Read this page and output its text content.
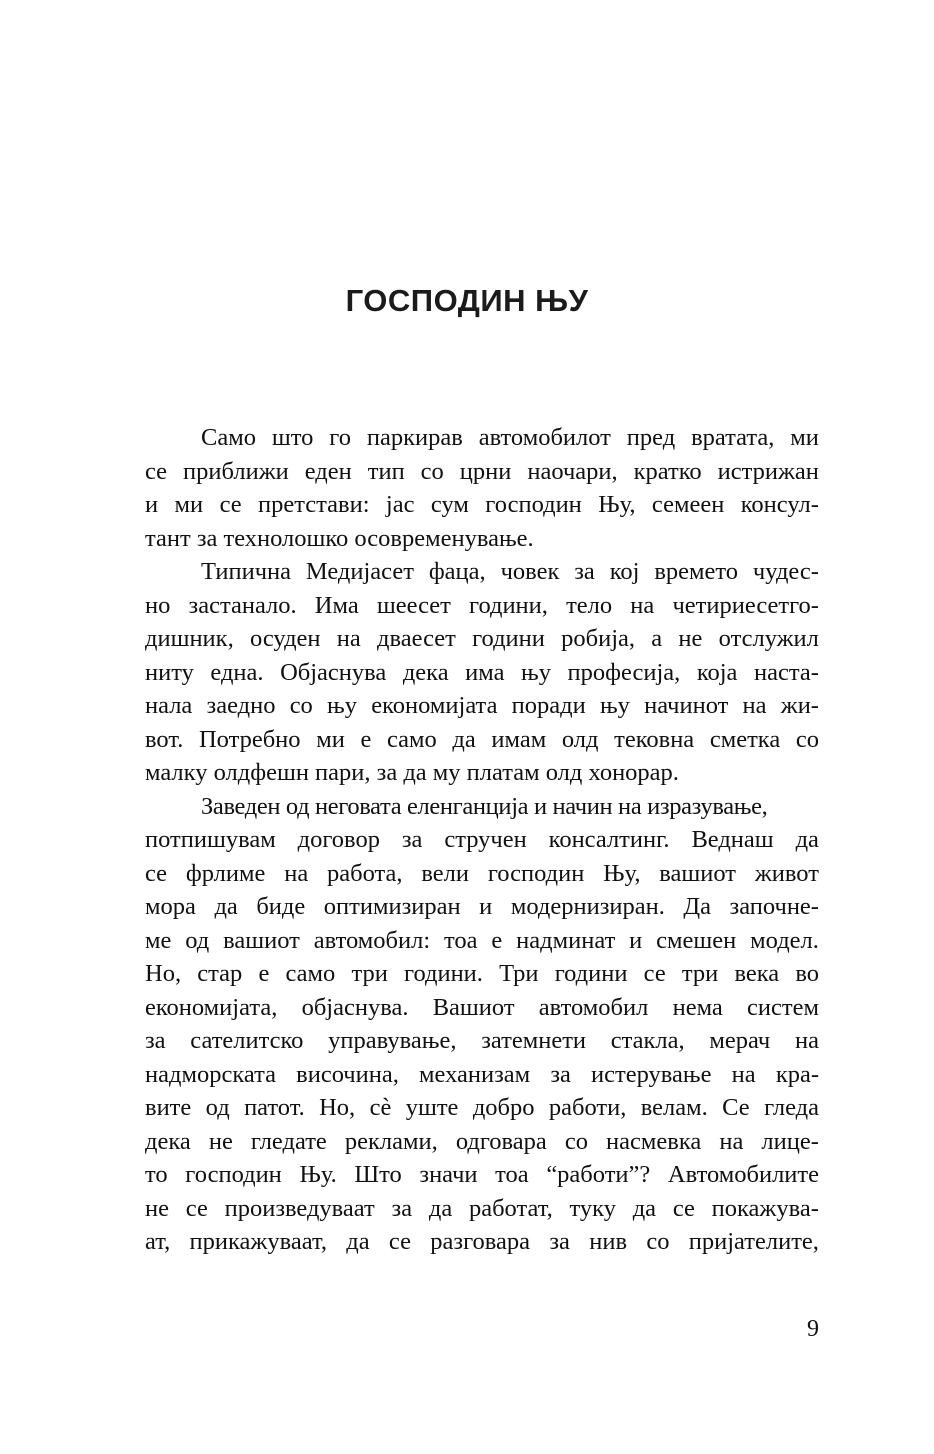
ГОСПОДИН ЊУ
Само што го паркирав автомобилот пред вратата, ми
се приближи еден тип со црни наочари, кратко истрижан
и ми се претстави: јас сум господин Њу, семеен консул-
тант за технолошко осовременување.
Типична Медијасет фаца, човек за кој времето чудес-
но застанало. Има шеесет години, тело на четириесетго-
дишник, осуден на дваесет години робија, а не отслужил
ниту една. Објаснува дека има њу професија, која наста-
нала заедно со њу економијата поради њу начинот на жи-
вот. Потребно ми е само да имам олд тековна сметка со
малку олдфешн пари, за да му платам олд хонорар.
Заведен од неговата еленганција и начин на изразување,
потпишувам договор за стручен консалтинг. Веднаш да
се фрлиме на работа, вели господин Њу, вашиот живот
мора да биде оптимизиран и модернизиран. Да започне-
ме од вашиот автомобил: тоа е надминат и смешен модел.
Но, стар е само три години. Три години се три века во
економијата, објаснува. Вашиот автомобил нема систем
за сателитско управување, затемнети стакла, мерач на
надморската височина, механизам за истерување на кра-
вите од патот. Но, сѐ уште добро работи, велам. Се гледа
дека не гледате реклами, одговара со насмевка на лице-
то господин Њу. Што значи тоа “работи”? Автомобилите
не се произведуваат за да работат, туку да се покажува-
ат, прикажуваат, да се разговара за нив со пријателите,
9
